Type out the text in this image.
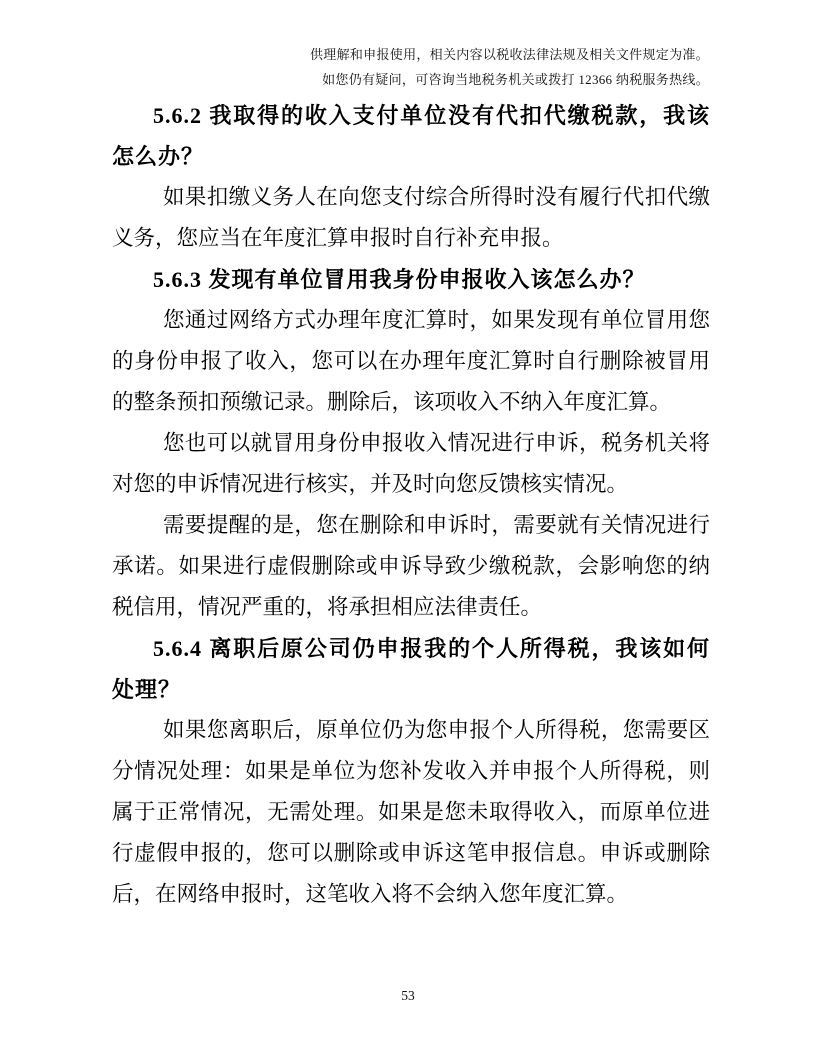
供理解和申报使用，相关内容以税收法律法规及相关文件规定为准。
如您仍有疑问，可咨询当地税务机关或拨打 12366 纳税服务热线。
5.6.2 我取得的收入支付单位没有代扣代缴税款，我该怎么办？

如果扣缴义务人在向您支付综合所得时没有履行代扣代缴义务，您应当在年度汇算申报时自行补充申报。

5.6.3 发现有单位冒用我身份申报收入该怎么办？

您通过网络方式办理年度汇算时，如果发现有单位冒用您的身份申报了收入，您可以在办理年度汇算时自行删除被冒用的整条预扣预缴记录。删除后，该项收入不纳入年度汇算。

您也可以就冒用身份申报收入情况进行申诉，税务机关将对您的申诉情况进行核实，并及时向您反馈核实情况。

需要提醒的是，您在删除和申诉时，需要就有关情况进行承诺。如果进行虚假删除或申诉导致少缴税款，会影响您的纳税信用，情况严重的，将承担相应法律责任。

5.6.4 离职后原公司仍申报我的个人所得税，我该如何处理？

如果您离职后，原单位仍为您申报个人所得税，您需要区分情况处理：如果是单位为您补发收入并申报个人所得税，则属于正常情况，无需处理。如果是您未取得收入，而原单位进行虚假申报的，您可以删除或申诉这笔申报信息。申诉或删除后，在网络申报时，这笔收入将不会纳入您年度汇算。

53
